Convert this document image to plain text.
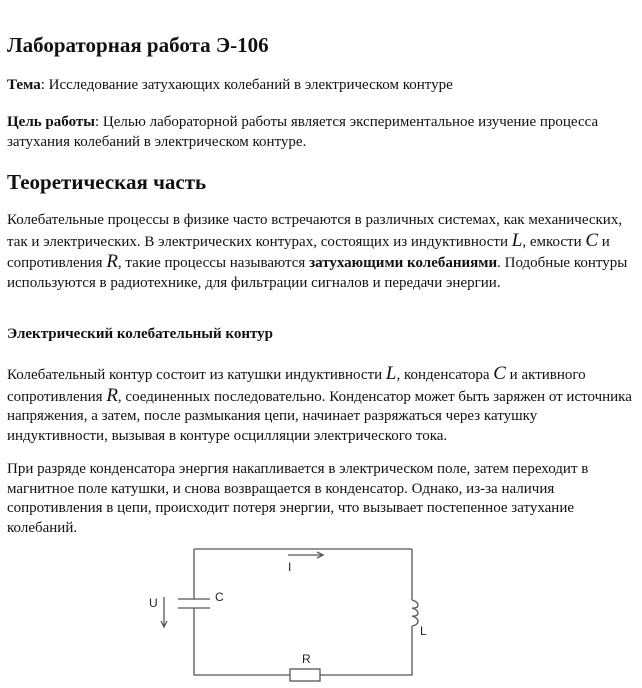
Лабораторная работа Э-106

Тема: Исследование затухающих колебаний в электрическом контуре

Цель работы: Целью лабораторной работы является экспериментальное изучение процесса затухания колебаний в электрическом контуре.

Теоретическая часть

Колебательные процессы в физике часто встречаются в различных системах, как механических, так и электрических. В электрических контурах, состоящих из индуктивности L, емкости C и сопротивления R, такие процессы называются затухающими колебаниями. Подобные контуры используются в радиотехнике, для фильтрации сигналов и передачи энергии.

Электрический колебательный контур

Колебательный контур состоит из катушки индуктивности L, конденсатора C и активного сопротивления R, соединенных последовательно. Конденсатор может быть заряжен от источника напряжения, а затем, после размыкания цепи, начинает разряжаться через катушку индуктивности, вызывая в контуре осцилляции электрического тока.

При разряде конденсатора энергия накапливается в электрическом поле, затем переходит в магнитное поле катушки, и снова возвращается в конденсатор. Однако, из-за наличия сопротивления в цепи, происходит потеря энергии, что вызывает постепенное затухание колебаний.

I
U	C
L
R
